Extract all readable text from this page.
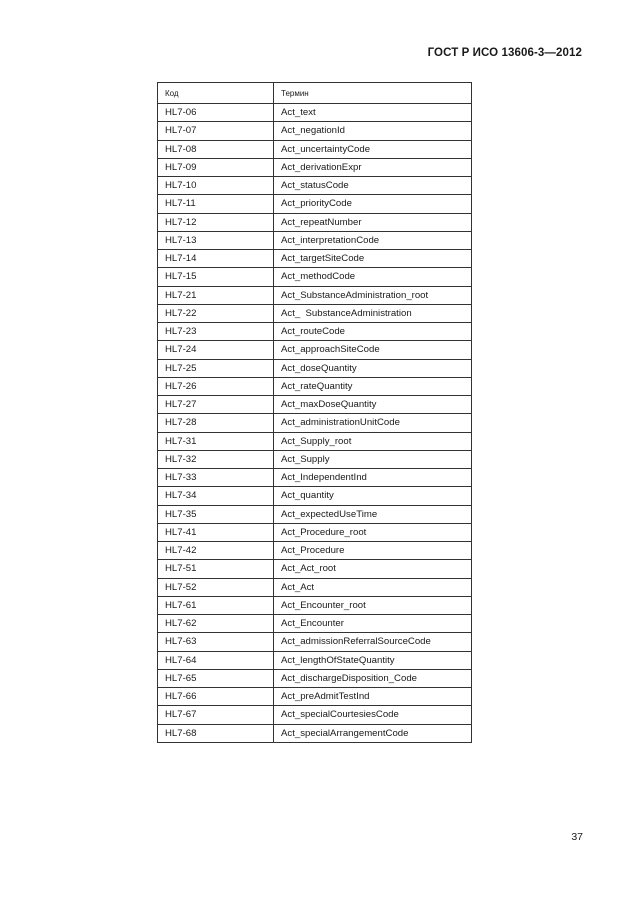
ГОСТ Р ИСО 13606-3—2012
Код	Термин
HL7-06	Act_text
HL7-07	Act_negationId
HL7-08	Act_uncertaintyCode
HL7-09	Act_derivationExpr
HL7-10	Act_statusCode
HL7-11	Act_priorityCode
HL7-12	Act_repeatNumber
HL7-13	Act_interpretationCode
HL7-14	Act_targetSiteCode
HL7-15	Act_methodCode
HL7-21	Act_SubstanceAdministration_root
HL7-22	Act_  SubstanceAdministration
HL7-23	Act_routeCode
HL7-24	Act_approachSiteCode
HL7-25	Act_doseQuantity
HL7-26	Act_rateQuantity
HL7-27	Act_maxDoseQuantity
HL7-28	Act_administrationUnitCode
HL7-31	Act_Supply_root
HL7-32	Act_Supply
HL7-33	Act_IndependentInd
HL7-34	Act_quantity
HL7-35	Act_expectedUseTime
HL7-41	Act_Procedure_root
HL7-42	Act_Procedure
HL7-51	Act_Act_root
HL7-52	Act_Act
HL7-61	Act_Encounter_root
HL7-62	Act_Encounter
HL7-63	Act_admissionReferralSourceCode
HL7-64	Act_lengthOfStateQuantity
HL7-65	Act_dischargeDisposition_Code
HL7-66	Act_preAdmitTestInd
HL7-67	Act_specialCourtesiesCode
HL7-68	Act_specialArrangementCode
37
